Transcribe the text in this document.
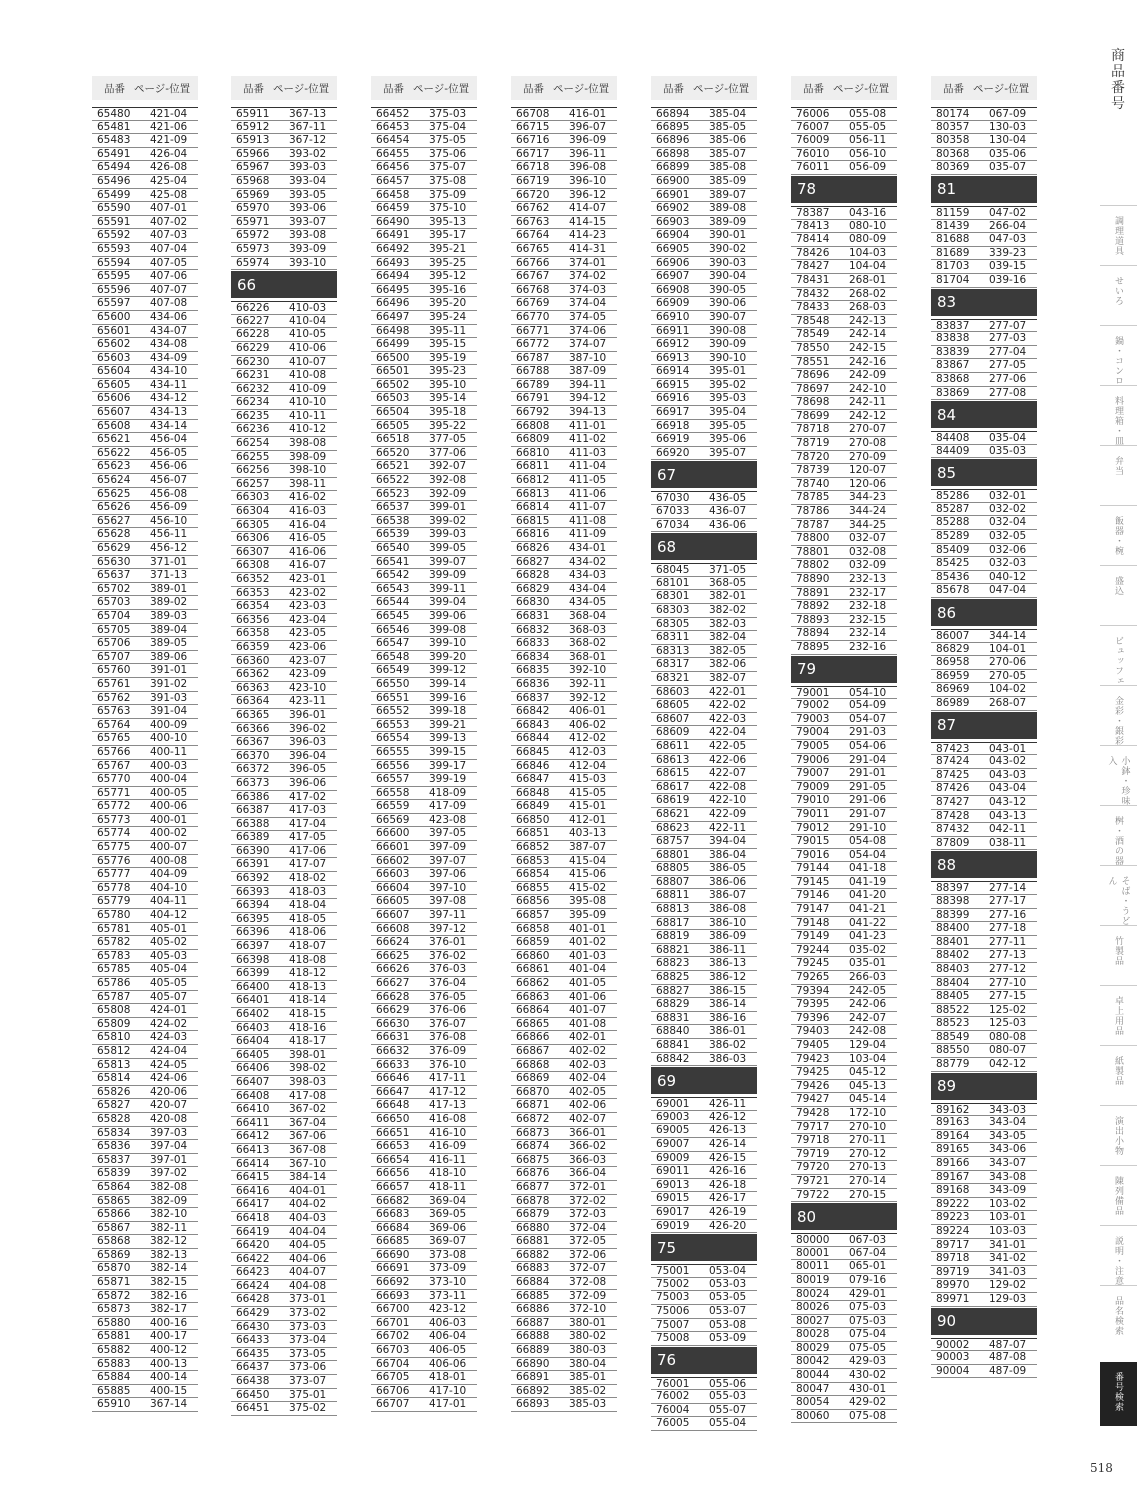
商品番号
調理道具
せいろ
鍋・コンロ
料理箱・皿
弁当
飯器・椀
盛込
ビュッフェ
金彩・銀彩
小鉢・珍味入
桝・酒の器
そば・うどん
竹製品
卓上用品
紙製品
演出小物
陳列備品
説明・注意
品名検索
番号検索
品番 ページ-位置
65480	421-04
65481	421-06
65483	421-09
65491	426-04
65494	426-08
65496	425-04
65499	425-08
65590	407-01
65591	407-02
65592	407-03
65593	407-04
65594	407-05
65595	407-06
65596	407-07
65597	407-08
65600	434-06
65601	434-07
65602	434-08
65603	434-09
65604	434-10
65605	434-11
65606	434-12
65607	434-13
65608	434-14
65621	456-04
65622	456-05
65623	456-06
65624	456-07
65625	456-08
65626	456-09
65627	456-10
65628	456-11
65629	456-12
65630	371-01
65637	371-13
65702	389-01
65703	389-02
65704	389-03
65705	389-04
65706	389-05
65707	389-06
65760	391-01
65761	391-02
65762	391-03
65763	391-04
65764	400-09
65765	400-10
65766	400-11
65767	400-03
65770	400-04
65771	400-05
65772	400-06
65773	400-01
65774	400-02
65775	400-07
65776	400-08
65777	404-09
65778	404-10
65779	404-11
65780	404-12
65781	405-01
65782	405-02
65783	405-03
65785	405-04
65786	405-05
65787	405-07
65808	424-01
65809	424-02
65810	424-03
65812	424-04
65813	424-05
65814	424-06
65826	420-06
65827	420-07
65828	420-08
65834	397-03
65836	397-04
65837	397-01
65839	397-02
65864	382-08
65865	382-09
65866	382-10
65867	382-11
65868	382-12
65869	382-13
65870	382-14
65871	382-15
65872	382-16
65873	382-17
65880	400-16
65881	400-17
65882	400-12
65883	400-13
65884	400-14
65885	400-15
65910	367-14
品番 ページ-位置
65911	367-13
65912	367-11
65913	367-12
65966	393-02
65967	393-03
65968	393-04
65969	393-05
65970	393-06
65971	393-07
65972	393-08
65973	393-09
65974	393-10
66
66226	410-03
66227	410-04
66228	410-05
66229	410-06
66230	410-07
66231	410-08
66232	410-09
66234	410-10
66235	410-11
66236	410-12
66254	398-08
66255	398-09
66256	398-10
66257	398-11
66303	416-02
66304	416-03
66305	416-04
66306	416-05
66307	416-06
66308	416-07
66352	423-01
66353	423-02
66354	423-03
66356	423-04
66358	423-05
66359	423-06
66360	423-07
66362	423-09
66363	423-10
66364	423-11
66365	396-01
66366	396-02
66367	396-03
66370	396-04
66372	396-05
66373	396-06
66386	417-02
66387	417-03
66388	417-04
66389	417-05
66390	417-06
66391	417-07
66392	418-02
66393	418-03
66394	418-04
66395	418-05
66396	418-06
66397	418-07
66398	418-08
66399	418-12
66400	418-13
66401	418-14
66402	418-15
66403	418-16
66404	418-17
66405	398-01
66406	398-02
66407	398-03
66408	417-08
66410	367-02
66411	367-04
66412	367-06
66413	367-08
66414	367-10
66415	384-14
66416	404-01
66417	404-02
66418	404-03
66419	404-04
66420	404-05
66422	404-06
66423	404-07
66424	404-08
66428	373-01
66429	373-02
66430	373-03
66433	373-04
66435	373-05
66437	373-06
66438	373-07
66450	375-01
66451	375-02
品番 ページ-位置
66452	375-03
66453	375-04
66454	375-05
66455	375-06
66456	375-07
66457	375-08
66458	375-09
66459	375-10
66490	395-13
66491	395-17
66492	395-21
66493	395-25
66494	395-12
66495	395-16
66496	395-20
66497	395-24
66498	395-11
66499	395-15
66500	395-19
66501	395-23
66502	395-10
66503	395-14
66504	395-18
66505	395-22
66518	377-05
66520	377-06
66521	392-07
66522	392-08
66523	392-09
66537	399-01
66538	399-02
66539	399-03
66540	399-05
66541	399-07
66542	399-09
66543	399-11
66544	399-04
66545	399-06
66546	399-08
66547	399-10
66548	399-20
66549	399-12
66550	399-14
66551	399-16
66552	399-18
66553	399-21
66554	399-13
66555	399-15
66556	399-17
66557	399-19
66558	418-09
66559	417-09
66569	423-08
66600	397-05
66601	397-09
66602	397-07
66603	397-06
66604	397-10
66605	397-08
66607	397-11
66608	397-12
66624	376-01
66625	376-02
66626	376-03
66627	376-04
66628	376-05
66629	376-06
66630	376-07
66631	376-08
66632	376-09
66633	376-10
66646	417-11
66647	417-12
66648	417-13
66650	416-08
66651	416-10
66653	416-09
66654	416-11
66656	418-10
66657	418-11
66682	369-04
66683	369-05
66684	369-06
66685	369-07
66690	373-08
66691	373-09
66692	373-10
66693	373-11
66700	423-12
66701	406-03
66702	406-04
66703	406-05
66704	406-06
66705	418-01
66706	417-10
66707	417-01
品番 ページ-位置
66708	416-01
66715	396-07
66716	396-09
66717	396-11
66718	396-08
66719	396-10
66720	396-12
66762	414-07
66763	414-15
66764	414-23
66765	414-31
66766	374-01
66767	374-02
66768	374-03
66769	374-04
66770	374-05
66771	374-06
66772	374-07
66787	387-10
66788	387-09
66789	394-11
66791	394-12
66792	394-13
66808	411-01
66809	411-02
66810	411-03
66811	411-04
66812	411-05
66813	411-06
66814	411-07
66815	411-08
66816	411-09
66826	434-01
66827	434-02
66828	434-03
66829	434-04
66830	434-05
66831	368-04
66832	368-03
66833	368-02
66834	368-01
66835	392-10
66836	392-11
66837	392-12
66842	406-01
66843	406-02
66844	412-02
66845	412-03
66846	412-04
66847	415-03
66848	415-05
66849	415-01
66850	412-01
66851	403-13
66852	387-07
66853	415-04
66854	415-06
66855	415-02
66856	395-08
66857	395-09
66858	401-01
66859	401-02
66860	401-03
66861	401-04
66862	401-05
66863	401-06
66864	401-07
66865	401-08
66866	402-01
66867	402-02
66868	402-03
66869	402-04
66870	402-05
66871	402-06
66872	402-07
66873	366-01
66874	366-02
66875	366-03
66876	366-04
66877	372-01
66878	372-02
66879	372-03
66880	372-04
66881	372-05
66882	372-06
66883	372-07
66884	372-08
66885	372-09
66886	372-10
66887	380-01
66888	380-02
66889	380-03
66890	380-04
66891	385-01
66892	385-02
66893	385-03
品番 ページ-位置
66894	385-04
66895	385-05
66896	385-06
66898	385-07
66899	385-08
66900	385-09
66901	389-07
66902	389-08
66903	389-09
66904	390-01
66905	390-02
66906	390-03
66907	390-04
66908	390-05
66909	390-06
66910	390-07
66911	390-08
66912	390-09
66913	390-10
66914	395-01
66915	395-02
66916	395-03
66917	395-04
66918	395-05
66919	395-06
66920	395-07
67
67030	436-05
67033	436-07
67034	436-06
68
68045	371-05
68101	368-05
68301	382-01
68303	382-02
68305	382-03
68311	382-04
68313	382-05
68317	382-06
68321	382-07
68603	422-01
68605	422-02
68607	422-03
68609	422-04
68611	422-05
68613	422-06
68615	422-07
68617	422-08
68619	422-10
68621	422-09
68623	422-11
68757	394-04
68801	386-04
68805	386-05
68807	386-06
68811	386-07
68813	386-08
68817	386-10
68819	386-09
68821	386-11
68823	386-13
68825	386-12
68827	386-15
68829	386-14
68831	386-16
68840	386-01
68841	386-02
68842	386-03
69
69001	426-11
69003	426-12
69005	426-13
69007	426-14
69009	426-15
69011	426-16
69013	426-18
69015	426-17
69017	426-19
69019	426-20
75
75001	053-04
75002	053-03
75003	053-05
75006	053-07
75007	053-08
75008	053-09
76
76001	055-06
76002	055-03
76004	055-07
76005	055-04
品番 ページ-位置
76006	055-08
76007	055-05
76009	056-11
76010	056-10
76011	056-09
78
78387	043-16
78413	080-10
78414	080-09
78426	104-03
78427	104-04
78431	268-01
78432	268-02
78433	268-03
78548	242-13
78549	242-14
78550	242-15
78551	242-16
78696	242-09
78697	242-10
78698	242-11
78699	242-12
78718	270-07
78719	270-08
78720	270-09
78739	120-07
78740	120-06
78785	344-23
78786	344-24
78787	344-25
78800	032-07
78801	032-08
78802	032-09
78890	232-13
78891	232-17
78892	232-18
78893	232-15
78894	232-14
78895	232-16
79
79001	054-10
79002	054-09
79003	054-07
79004	291-03
79005	054-06
79006	291-04
79007	291-01
79009	291-05
79010	291-06
79011	291-07
79012	291-10
79015	054-08
79016	054-04
79144	041-18
79145	041-19
79146	041-20
79147	041-21
79148	041-22
79149	041-23
79244	035-02
79245	035-01
79265	266-03
79394	242-05
79395	242-06
79396	242-07
79403	242-08
79405	129-04
79423	103-04
79425	045-12
79426	045-13
79427	045-14
79428	172-10
79717	270-10
79718	270-11
79719	270-12
79720	270-13
79721	270-14
79722	270-15
80
80000	067-03
80001	067-04
80011	065-01
80019	079-16
80024	429-01
80026	075-03
80027	075-03
80028	075-04
80029	075-05
80042	429-03
80044	430-02
80047	430-01
80054	429-02
80060	075-08
品番 ページ-位置
80174	067-09
80357	130-03
80358	130-04
80368	035-06
80369	035-07
81
81159	047-02
81439	266-04
81688	047-03
81689	339-23
81703	039-15
81704	039-16
83
83837	277-07
83838	277-03
83839	277-04
83867	277-05
83868	277-06
83869	277-08
84
84408	035-04
84409	035-03
85
85286	032-01
85287	032-02
85288	032-04
85289	032-05
85409	032-06
85425	032-03
85436	040-12
85678	047-04
86
86007	344-14
86829	104-01
86958	270-06
86959	270-05
86969	104-02
86989	268-07
87
87423	043-01
87424	043-02
87425	043-03
87426	043-04
87427	043-12
87428	043-13
87432	042-11
87809	038-11
88
88397	277-14
88398	277-17
88399	277-16
88400	277-18
88401	277-11
88402	277-13
88403	277-12
88404	277-10
88405	277-15
88522	125-02
88523	125-03
88549	080-08
88550	080-07
88779	042-12
89
89162	343-03
89163	343-04
89164	343-05
89165	343-06
89166	343-07
89167	343-08
89168	343-09
89222	103-02
89223	103-01
89224	103-03
89717	341-01
89718	341-02
89719	341-03
89970	129-02
89971	129-03
90
90002	487-07
90003	487-08
90004	487-09
518
